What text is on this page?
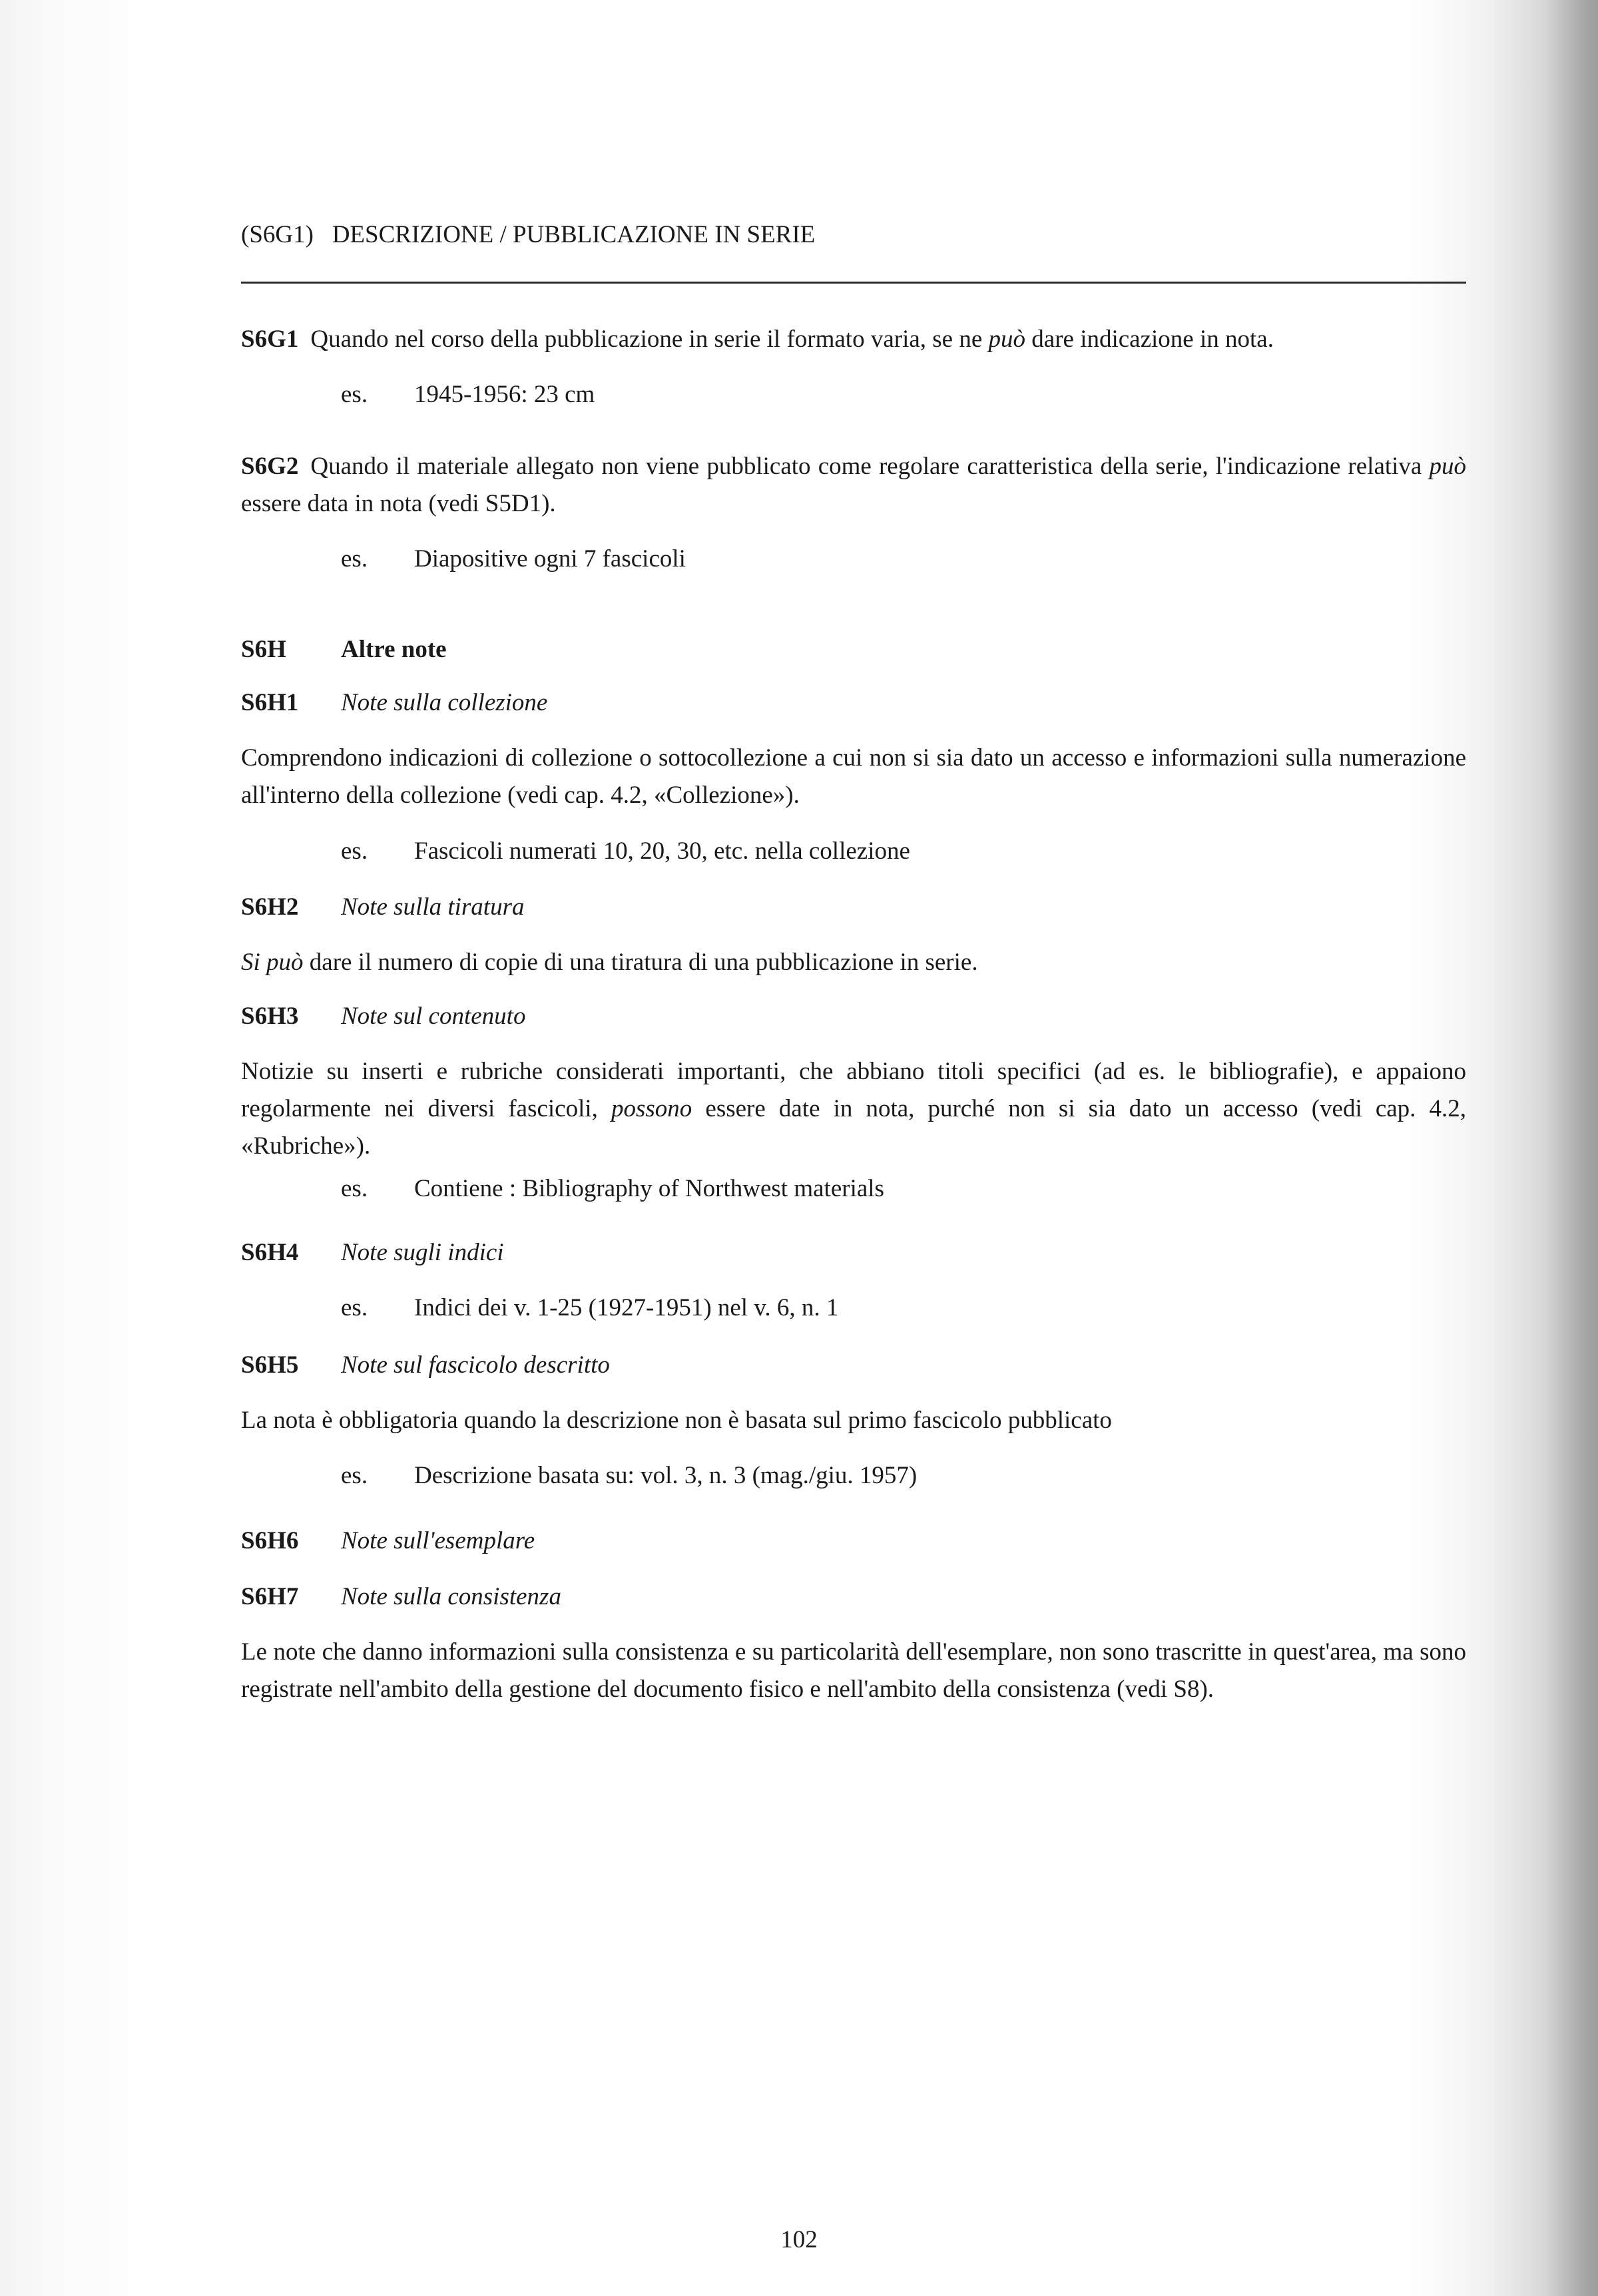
(S6G1)   DESCRIZIONE / PUBBLICAZIONE IN SERIE

S6G1 Quando nel corso della pubblicazione in serie il formato varia, se ne può dare indicazione in nota.

es. 1945-1956: 23 cm

S6G2 Quando il materiale allegato non viene pubblicato come regolare caratteristica della serie, l'indicazione relativa può essere data in nota (vedi S5D1).

es. Diapositive ogni 7 fascicoli

S6H Altre note

S6H1 Note sulla collezione

Comprendono indicazioni di collezione o sottocollezione a cui non si sia dato un accesso e informazioni sulla numerazione all'interno della collezione (vedi cap. 4.2, «Collezione»).

es. Fascicoli numerati 10, 20, 30, etc. nella collezione

S6H2 Note sulla tiratura

Si può dare il numero di copie di una tiratura di una pubblicazione in serie.

S6H3 Note sul contenuto

Notizie su inserti e rubriche considerati importanti, che abbiano titoli specifici (ad es. le bibliografie), e appaiono regolarmente nei diversi fascicoli, possono essere date in nota, purché non si sia dato un accesso (vedi cap. 4.2, «Rubriche»).

es. Contiene : Bibliography of Northwest materials

S6H4 Note sugli indici

es. Indici dei v. 1-25 (1927-1951) nel v. 6, n. 1

S6H5 Note sul fascicolo descritto

La nota è obbligatoria quando la descrizione non è basata sul primo fascicolo pubblicato

es. Descrizione basata su: vol. 3, n. 3 (mag./giu. 1957)

S6H6 Note sull'esemplare

S6H7 Note sulla consistenza

Le note che danno informazioni sulla consistenza e su particolarità dell'esemplare, non sono trascritte in quest'area, ma sono registrate nell'ambito della gestione del documento fisico e nell'ambito della consistenza (vedi S8).

102
